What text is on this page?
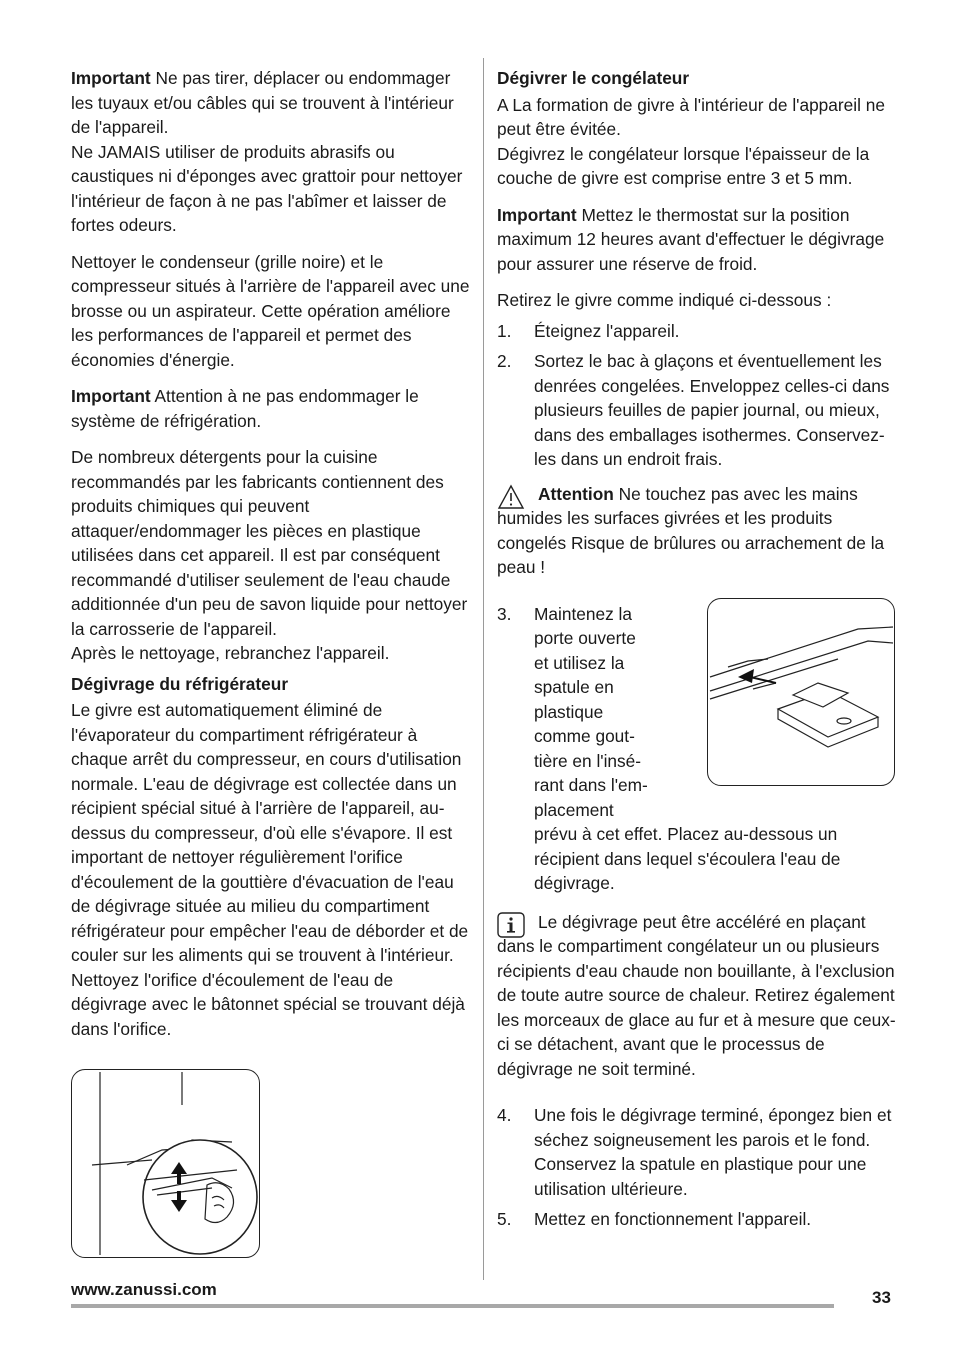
Important Ne pas tirer, déplacer ou endommager les tuyaux et/ou câbles qui se trouvent à l'intérieur de l'appareil.
Ne JAMAIS utiliser de produits abrasifs ou caustiques ni d'éponges avec grattoir pour nettoyer l'intérieur de façon à ne pas l'abîmer et laisser de fortes odeurs.

Nettoyer le condenseur (grille noire) et le compresseur situés à l'arrière de l'appareil avec une brosse ou un aspirateur. Cette opération améliore les performances de l'appareil et permet des économies d'énergie.

Important Attention à ne pas endommager le système de réfrigération.

De nombreux détergents pour la cuisine recommandés par les fabricants contiennent des produits chimiques qui peuvent attaquer/endommager les pièces en plastique utilisées dans cet appareil. Il est par conséquent recommandé d'utiliser seulement de l'eau chaude additionnée d'un peu de savon liquide pour nettoyer la carrosserie de l'appareil.
Après le nettoyage, rebranchez l'appareil.

Dégivrage du réfrigérateur

Le givre est automatiquement éliminé de l'évaporateur du compartiment réfrigérateur à chaque arrêt du compresseur, en cours d'utilisation normale. L'eau de dégivrage est collectée dans un récipient spécial situé à l'arrière de l'appareil, au-dessus du compresseur, d'où elle s'évapore. Il est important de nettoyer régulièrement l'orifice d'écoulement de la gouttière d'évacuation de l'eau de dégivrage située au milieu du compartiment réfrigérateur pour empêcher l'eau de déborder et de couler sur les aliments qui se trouvent à l'intérieur. Nettoyez l'orifice d'écoulement de l'eau de dégivrage avec le bâtonnet spécial se trouvant déjà dans l'orifice.

Dégivrer le congélateur

A La formation de givre à l'intérieur de l'appareil ne peut être évitée.
Dégivrez le congélateur lorsque l'épaisseur de la couche de givre est comprise entre 3 et 5 mm.

Important Mettez le thermostat sur la position maximum 12 heures avant d'effectuer le dégivrage pour assurer une réserve de froid.

Retirez le givre comme indiqué ci-dessous :

1. Éteignez l'appareil.
2. Sortez le bac à glaçons et éventuellement les denrées congelées. Enveloppez celles-ci dans plusieurs feuilles de papier journal, ou mieux, dans des emballages isothermes. Conservez-les dans un endroit frais.
Attention Ne touchez pas avec les mains humides les surfaces givrées et les produits congelés Risque de brûlures ou arrachement de la peau !
3. Maintenez la
porte ouverte
et utilisez la
spatule en
plastique
comme gout-
tière en l'insé-
rant dans l'em-
placement
prévu à cet effet. Placez au-dessous un récipient dans lequel s'écoulera l'eau de dégivrage.
Le dégivrage peut être accéléré en plaçant dans le compartiment congélateur un ou plusieurs récipients d'eau chaude non bouillante, à l'exclusion de toute autre source de chaleur. Retirez également les morceaux de glace au fur et à mesure que ceux-ci se détachent, avant que le processus de dégivrage ne soit terminé.
4. Une fois le dégivrage terminé, épongez bien et séchez soigneusement les parois et le fond. Conservez la spatule en plastique pour une utilisation ultérieure.
5. Mettez en fonctionnement l'appareil.
www.zanussi.com	33
